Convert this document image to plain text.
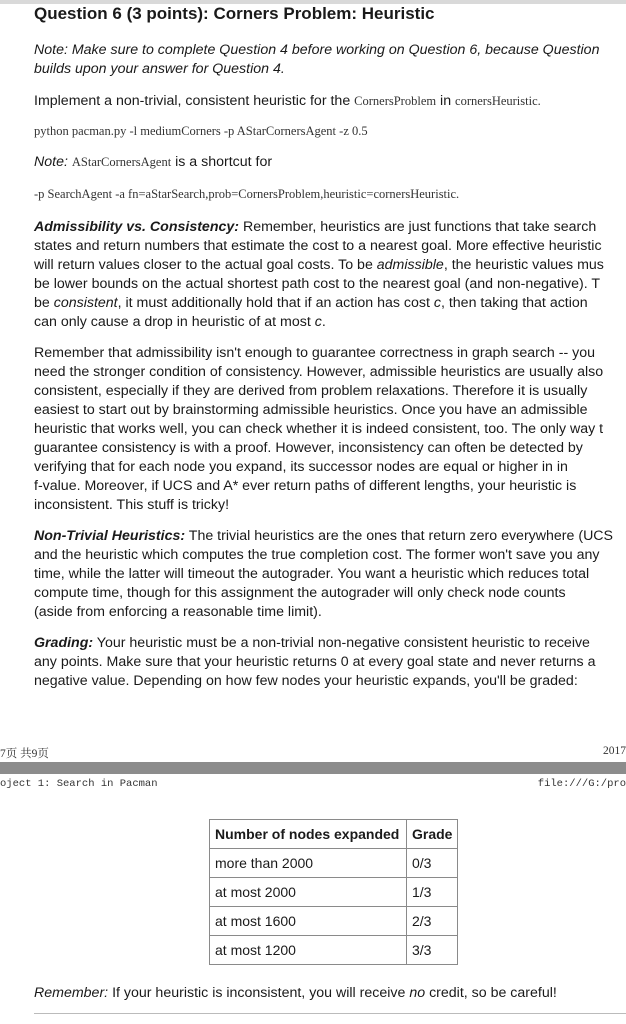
Question 6 (3 points): Corners Problem: Heuristic
Note: Make sure to complete Question 4 before working on Question 6, because Question
builds upon your answer for Question 4.
Implement a non-trivial, consistent heuristic for the CornersProblem in cornersHeuristic.
python pacman.py -l mediumCorners -p AStarCornersAgent -z 0.5
Note: AStarCornersAgent is a shortcut for
-p SearchAgent -a fn=aStarSearch,prob=CornersProblem,heuristic=cornersHeuristic.
Admissibility vs. Consistency: Remember, heuristics are just functions that take search
states and return numbers that estimate the cost to a nearest goal. More effective heuristic
will return values closer to the actual goal costs. To be admissible, the heuristic values mus
be lower bounds on the actual shortest path cost to the nearest goal (and non-negative). T
be consistent, it must additionally hold that if an action has cost c, then taking that action
can only cause a drop in heuristic of at most c.
Remember that admissibility isn't enough to guarantee correctness in graph search -- you
need the stronger condition of consistency. However, admissible heuristics are usually also
consistent, especially if they are derived from problem relaxations. Therefore it is usually
easiest to start out by brainstorming admissible heuristics. Once you have an admissible
heuristic that works well, you can check whether it is indeed consistent, too. The only way t
guarantee consistency is with a proof. However, inconsistency can often be detected by
verifying that for each node you expand, its successor nodes are equal or higher in in
f-value. Moreover, if UCS and A* ever return paths of different lengths, your heuristic is
inconsistent. This stuff is tricky!
Non-Trivial Heuristics: The trivial heuristics are the ones that return zero everywhere (UCS
and the heuristic which computes the true completion cost. The former won't save you any
time, while the latter will timeout the autograder. You want a heuristic which reduces total
compute time, though for this assignment the autograder will only check node counts
(aside from enforcing a reasonable time limit).
Grading: Your heuristic must be a non-trivial non-negative consistent heuristic to receive
any points. Make sure that your heuristic returns 0 at every goal state and never returns a
negative value. Depending on how few nodes your heuristic expands, you'll be graded:
7页 共9页	2017
oject 1: Search in Pacman	file:///G:/pro
Number of nodes expanded	Grade
more than 2000	0/3
at most 2000	1/3
at most 1600	2/3
at most 1200	3/3
Remember: If your heuristic is inconsistent, you will receive no credit, so be careful!
